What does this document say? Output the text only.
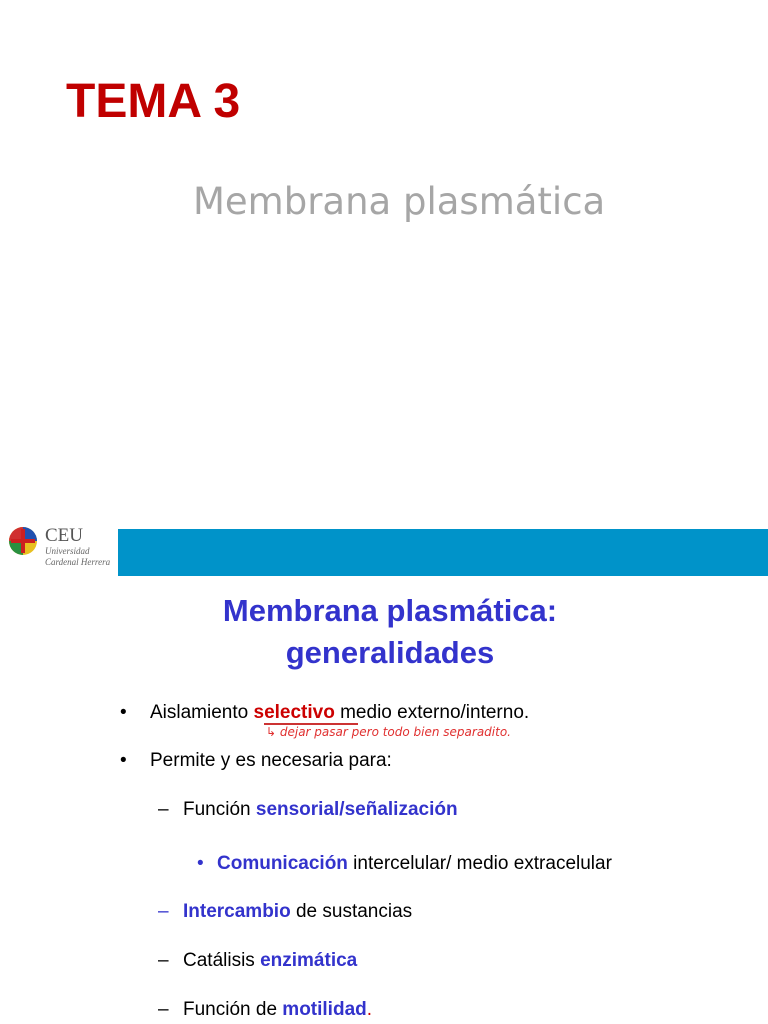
TEMA 3
Membrana plasmática
CEU
Universidad
Cardenal Herrera
Membrana plasmática:
generalidades
• Aislamiento selectivo medio externo/interno.
↳ dejar pasar pero todo bien separadito.
• Permite y es necesaria para:
– Función sensorial/señalización
• Comunicación intercelular/ medio extracelular
– Intercambio de sustancias
– Catálisis enzimática
– Función de motilidad.
